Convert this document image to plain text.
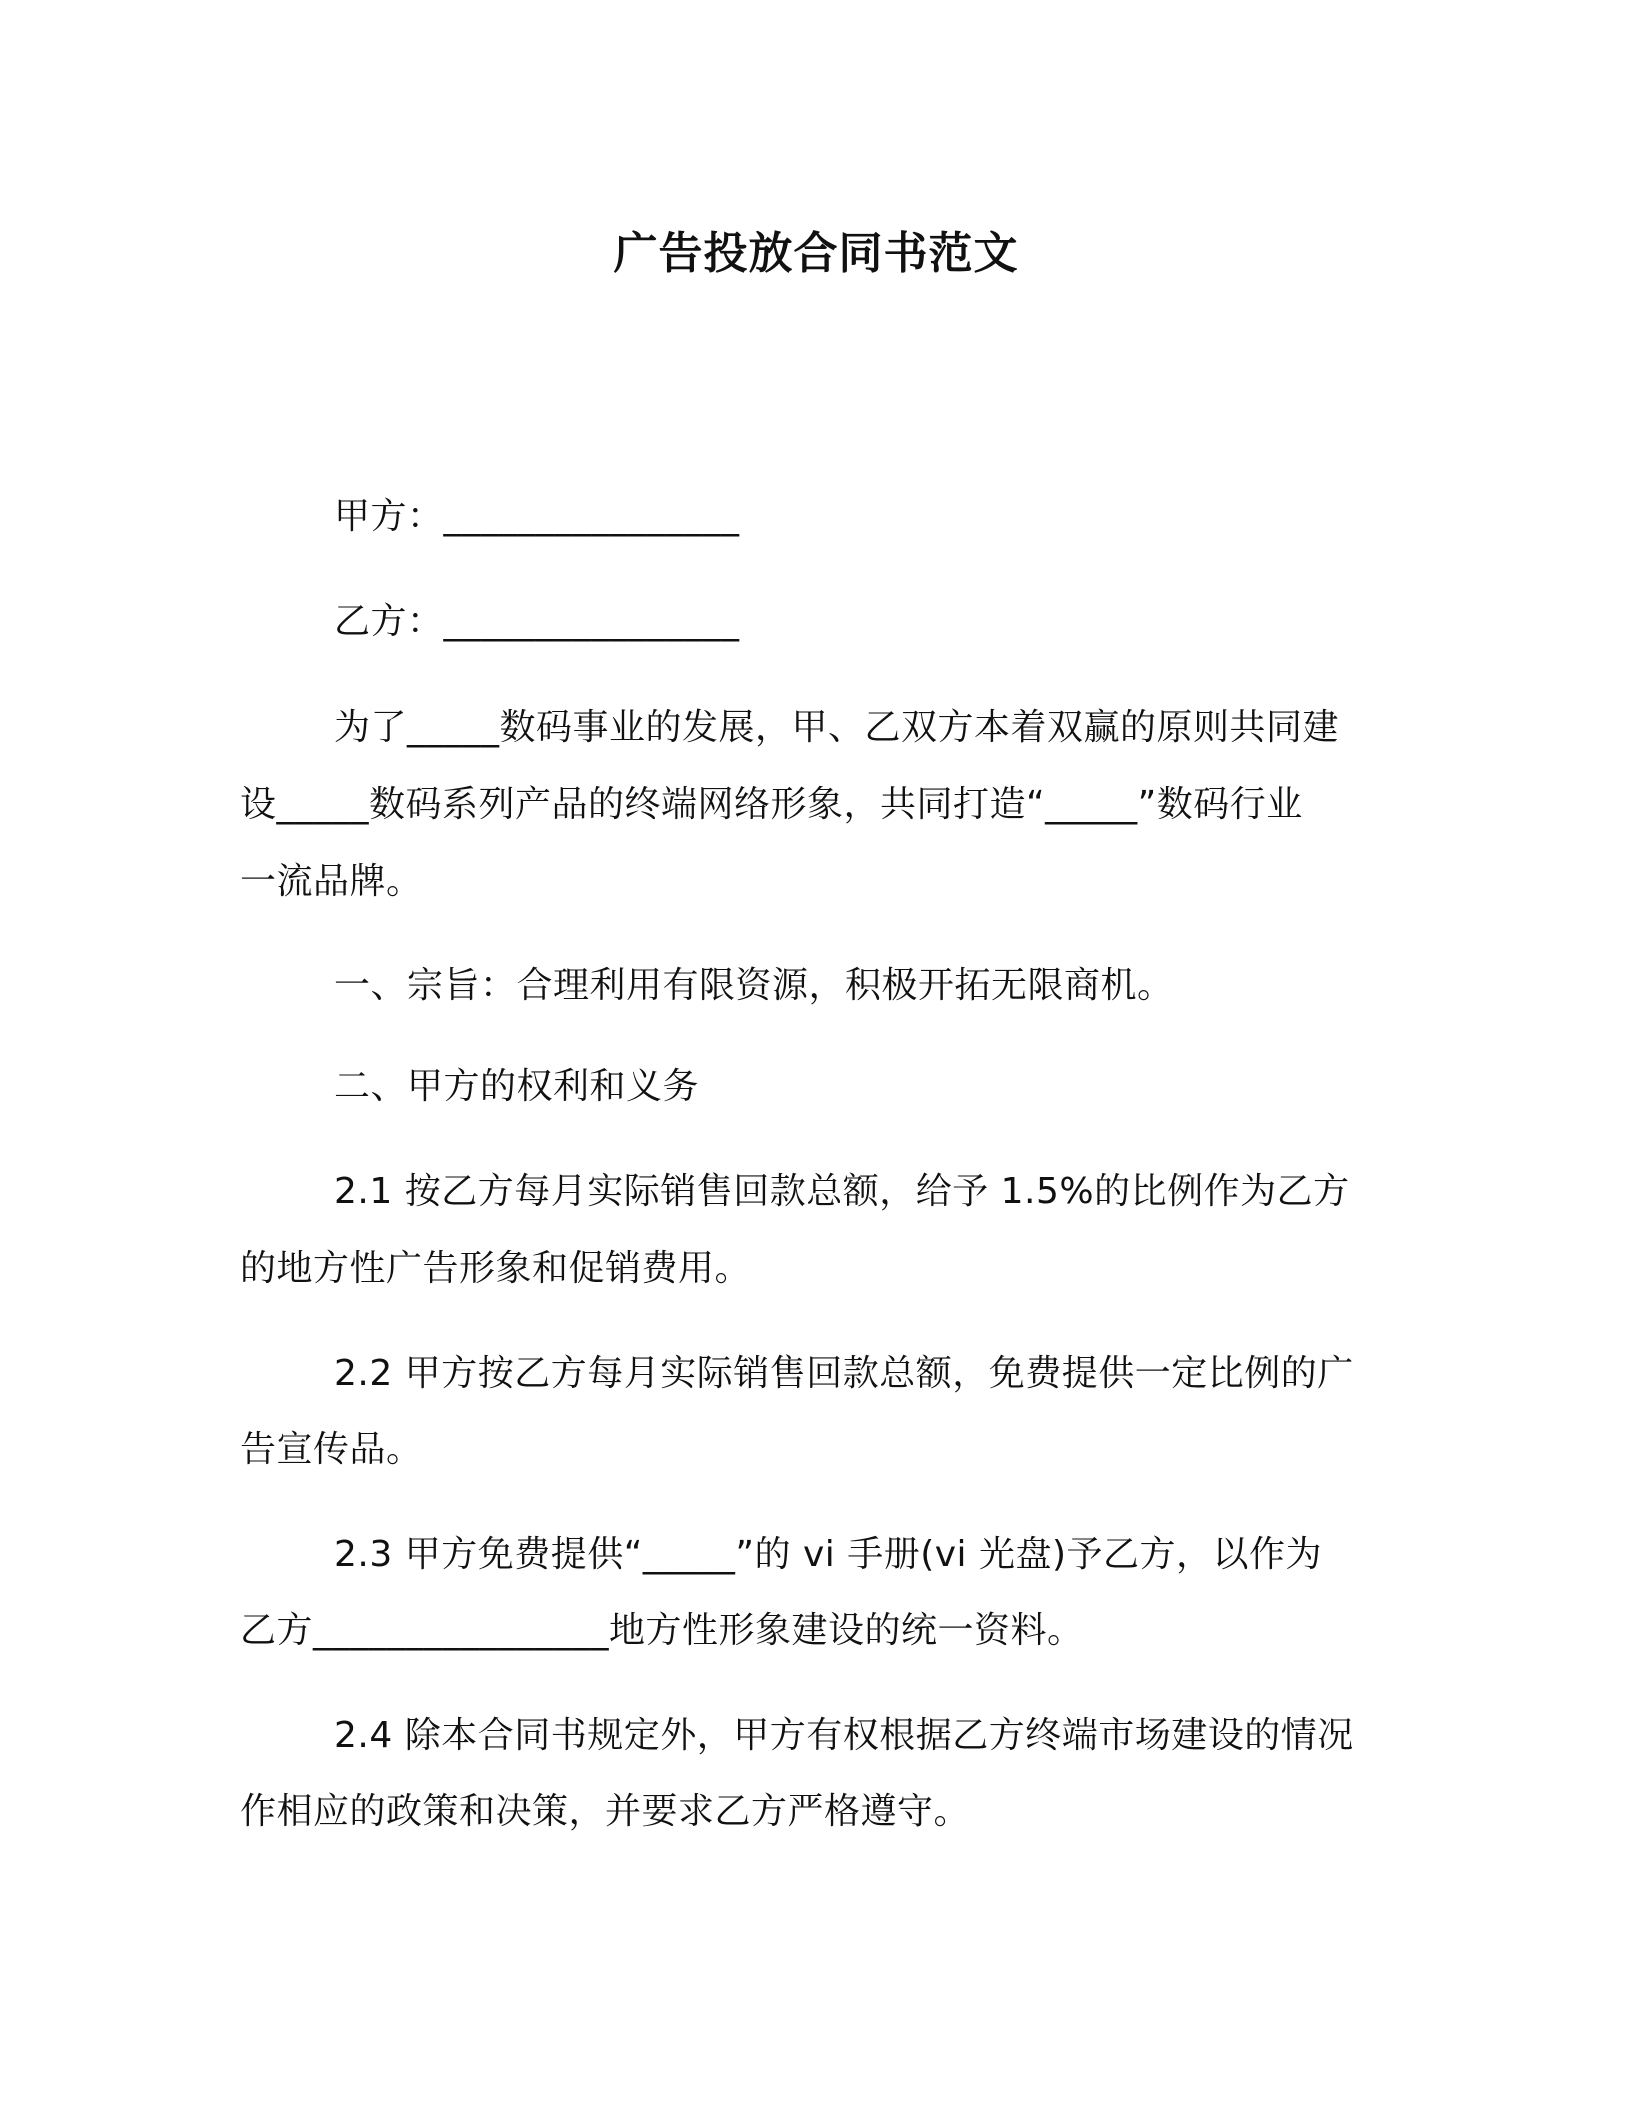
广告投放合同书范文
甲方：________________
乙方：________________
为了_____数码事业的发展，甲、乙双方本着双赢的原则共同建
设_____数码系列产品的终端网络形象，共同打造“_____”数码行业
一流品牌。
一、宗旨：合理利用有限资源，积极开拓无限商机。
二、甲方的权利和义务
2.1 按乙方每月实际销售回款总额，给予 1.5%的比例作为乙方
的地方性广告形象和促销费用。
2.2 甲方按乙方每月实际销售回款总额，免费提供一定比例的广
告宣传品。
2.3 甲方免费提供“_____”的 vi 手册(vi 光盘)予乙方，以作为
乙方________________地方性形象建设的统一资料。
2.4 除本合同书规定外，甲方有权根据乙方终端市场建设的情况
作相应的政策和决策，并要求乙方严格遵守。
